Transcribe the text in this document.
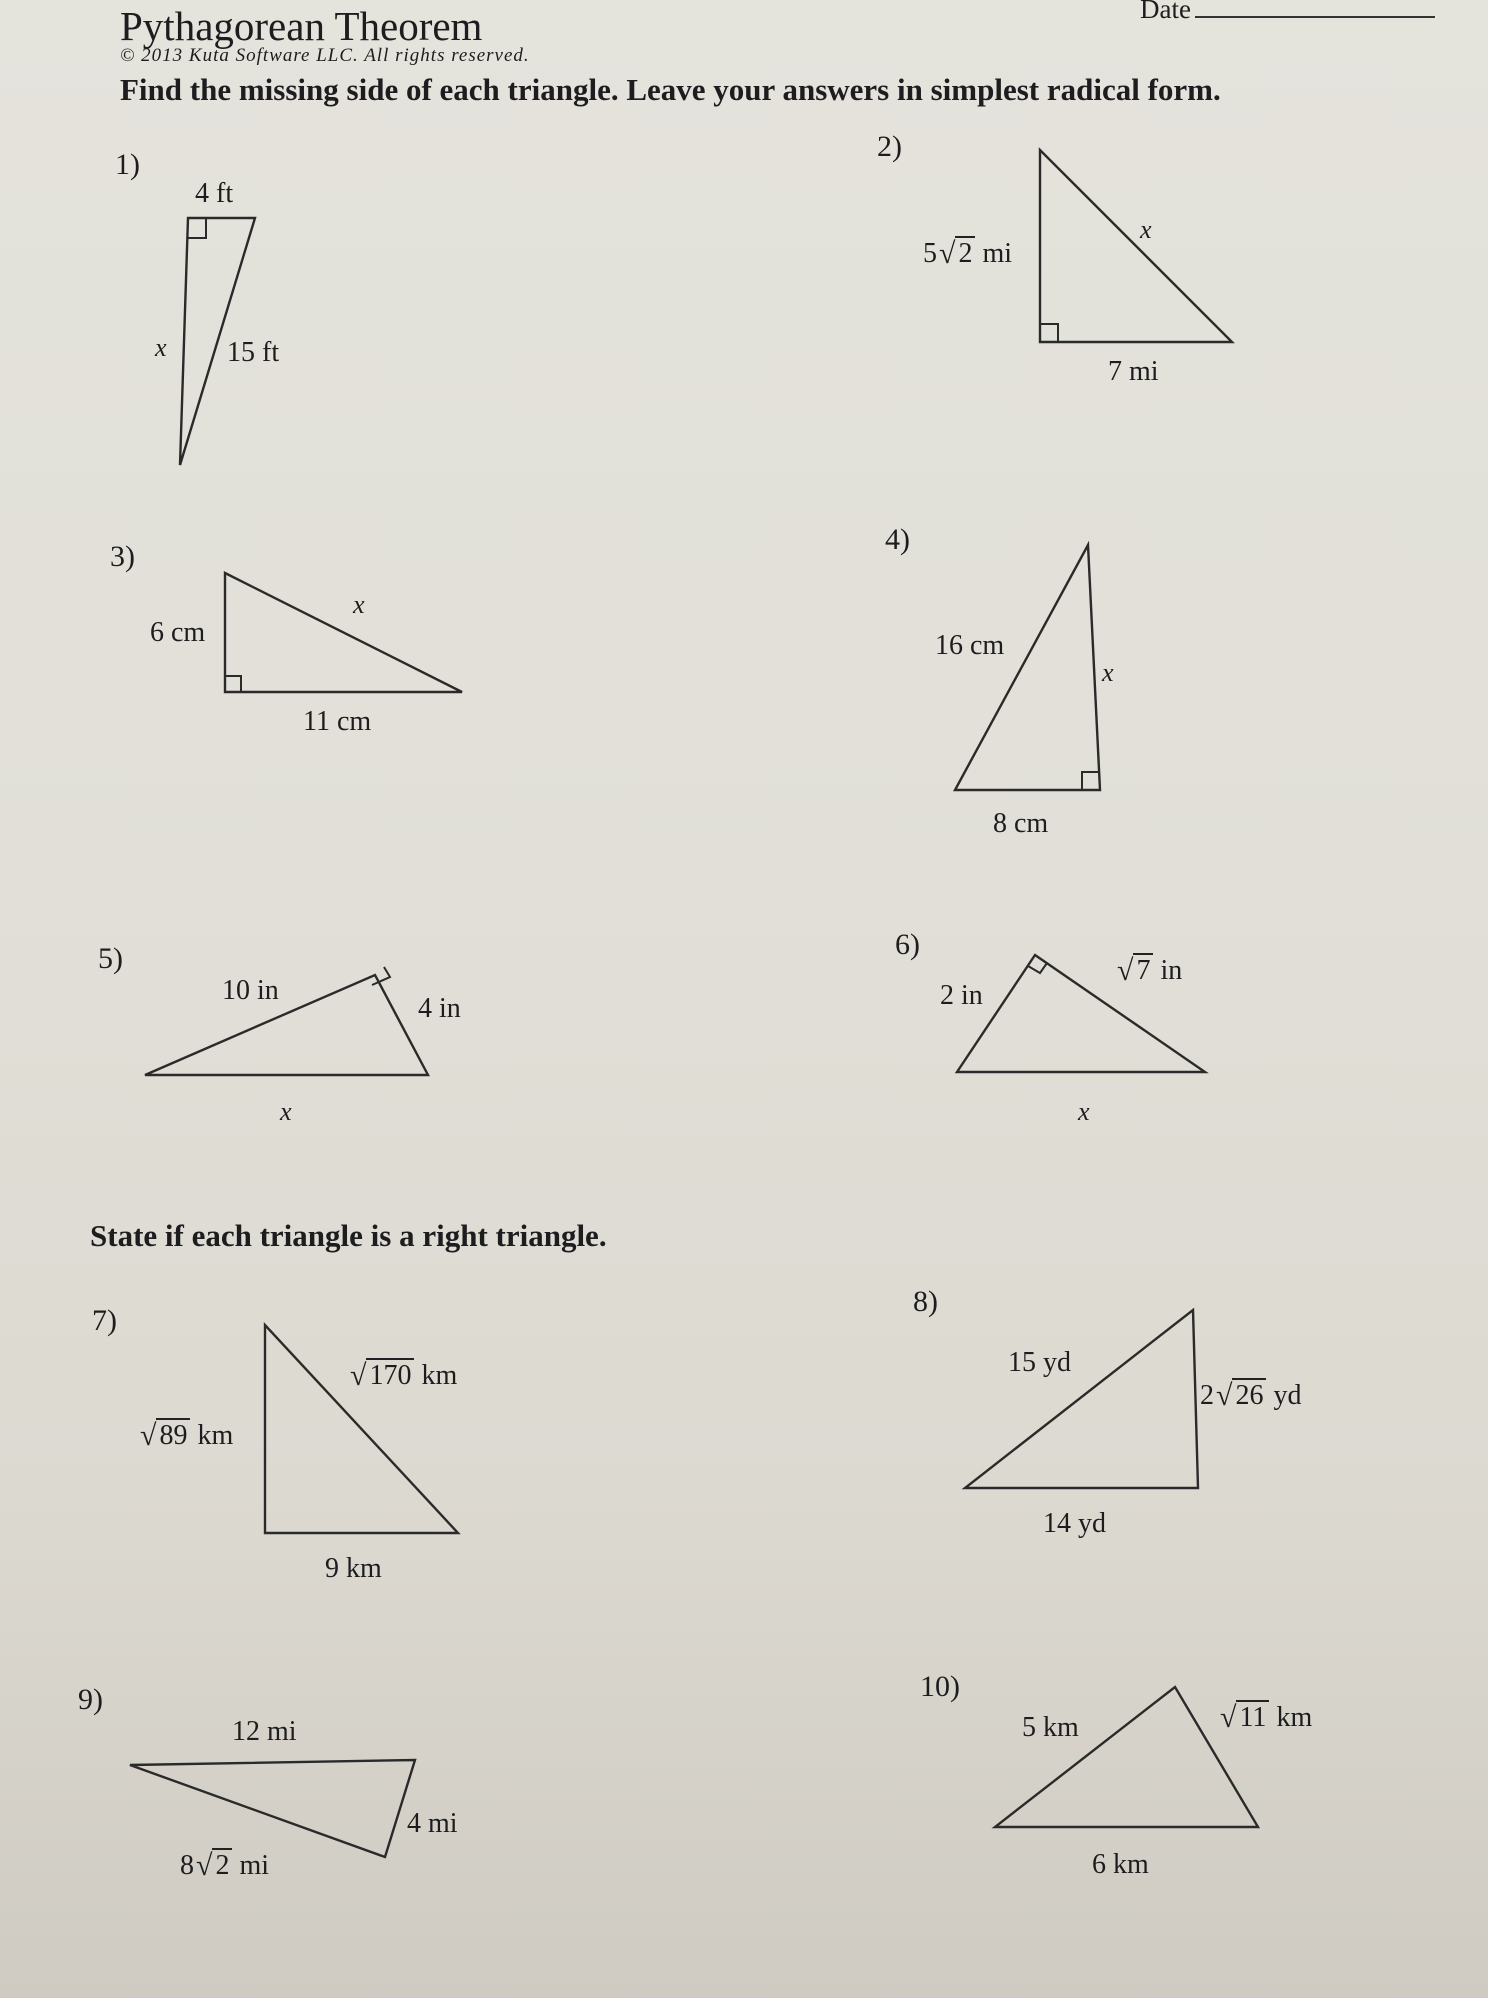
Pythagorean Theorem	Date
© 2013 Kuta Software LLC. All rights reserved.
Find the missing side of each triangle. Leave your answers in simplest radical form.
1)
4 ft
x 15 ft
2)
5 √ 2 mi
x
7 mi
3)
6 cm
x
11 cm
4)
16 cm
x
8 cm
5)
10 in
4 in
x
6)
2 in
√ 7 in
x
State if each triangle is a right triangle.
7)
√ 89 km
√ 170 km
9 km
8)
15 yd
2 √ 26 yd
14 yd
9)
12 mi
4 mi
8 √ 2 mi
10)
5 km	√ 11 km
6 km
